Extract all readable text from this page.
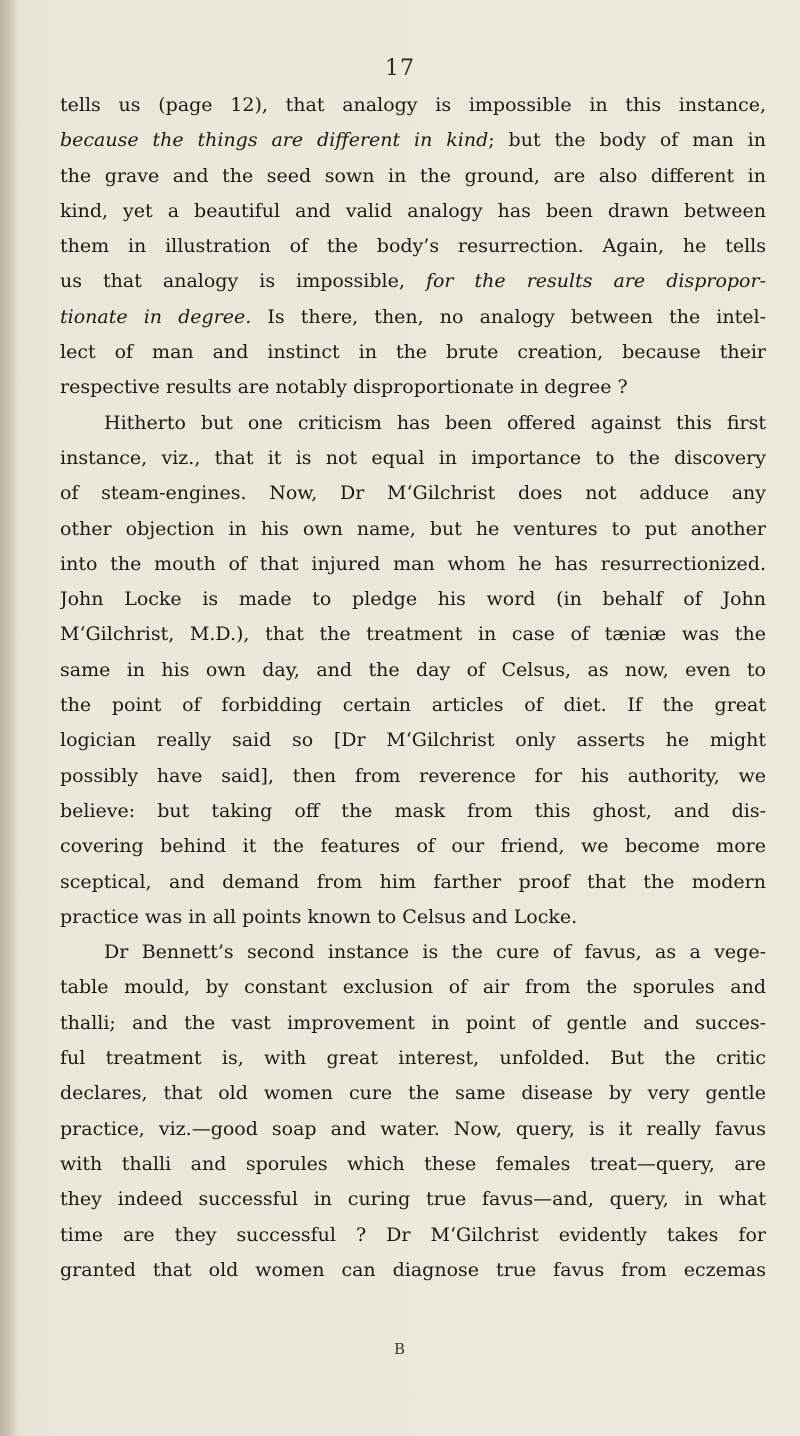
17
tells us (page 12), that analogy is impossible in this instance,
because the things are different in kind; but the body of man in
the grave and the seed sown in the ground, are also different in
kind, yet a beautiful and valid analogy has been drawn between
them in illustration of the body’s resurrection. Again, he tells
us that analogy is impossible, for the results are dispropor-
tionate in degree. Is there, then, no analogy between the intel-
lect of man and instinct in the brute creation, because their
respective results are notably disproportionate in degree ?
Hitherto but one criticism has been offered against this first
instance, viz., that it is not equal in importance to the discovery
of steam-engines. Now, Dr M‘Gilchrist does not adduce any
other objection in his own name, but he ventures to put another
into the mouth of that injured man whom he has resurrectionized.
John Locke is made to pledge his word (in behalf of John
M‘Gilchrist, M.D.), that the treatment in case of tæniæ was the
same in his own day, and the day of Celsus, as now, even to
the point of forbidding certain articles of diet. If the great
logician really said so [Dr M‘Gilchrist only asserts he might
possibly have said], then from reverence for his authority, we
believe: but taking off the mask from this ghost, and dis-
covering behind it the features of our friend, we become more
sceptical, and demand from him farther proof that the modern
practice was in all points known to Celsus and Locke.
Dr Bennett’s second instance is the cure of favus, as a vege-
table mould, by constant exclusion of air from the sporules and
thalli; and the vast improvement in point of gentle and succes-
ful treatment is, with great interest, unfolded. But the critic
declares, that old women cure the same disease by very gentle
practice, viz.—good soap and water. Now, query, is it really favus
with thalli and sporules which these females treat—query, are
they indeed successful in curing true favus—and, query, in what
time are they successful ? Dr M‘Gilchrist evidently takes for
granted that old women can diagnose true favus from eczemas
B
